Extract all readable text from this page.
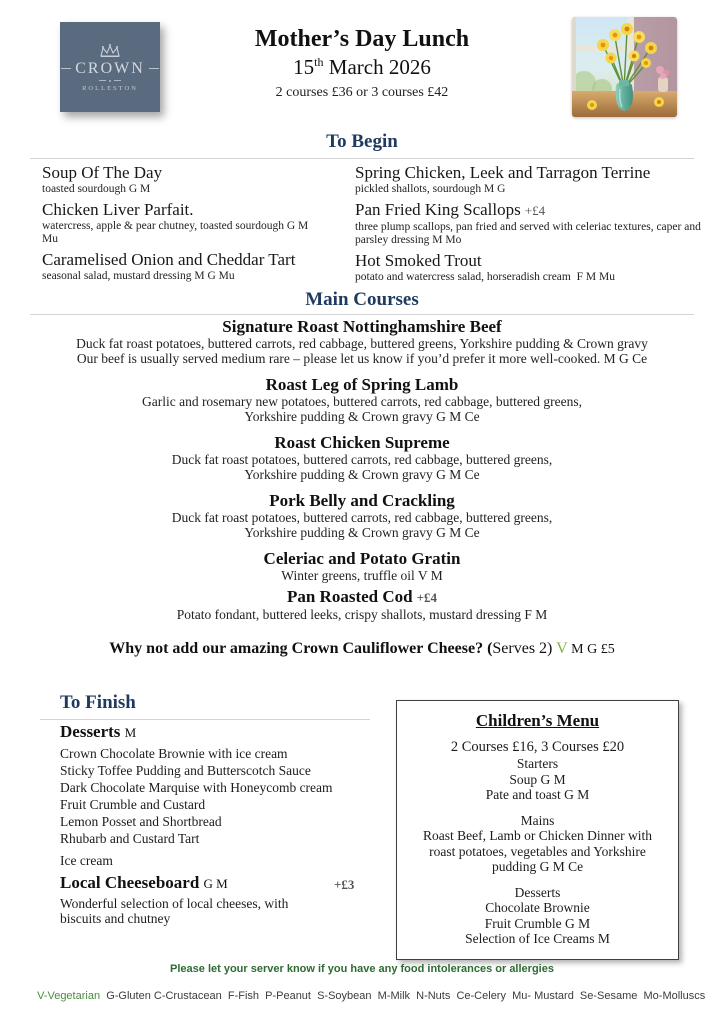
CROWN
ROLLESTON
Mother’s Day Lunch
15th March 2026
2 courses £36 or 3 courses £42
To Begin
Soup Of The Day
toasted sourdough G M
Chicken Liver Parfait.
watercress, apple & pear chutney, toasted sourdough G M Mu
Caramelised Onion and Cheddar Tart
seasonal salad, mustard dressing M G Mu
Spring Chicken, Leek and Tarragon Terrine
pickled shallots, sourdough M G
Pan Fried King Scallops +£4
three plump scallops, pan fried and served with celeriac textures, caper and parsley dressing M Mo
Hot Smoked Trout
potato and watercress salad, horseradish cream  F M Mu
Main Courses
Signature Roast Nottinghamshire Beef
Duck fat roast potatoes, buttered carrots, red cabbage, buttered greens, Yorkshire pudding & Crown gravy
Our beef is usually served medium rare – please let us know if you’d prefer it more well-cooked. M G Ce
Roast Leg of Spring Lamb
Garlic and rosemary new potatoes, buttered carrots, red cabbage, buttered greens,
Yorkshire pudding & Crown gravy G M Ce
Roast Chicken Supreme
Duck fat roast potatoes, buttered carrots, red cabbage, buttered greens,
Yorkshire pudding & Crown gravy G M Ce
Pork Belly and Crackling
Duck fat roast potatoes, buttered carrots, red cabbage, buttered greens,
Yorkshire pudding & Crown gravy G M Ce
Celeriac and Potato Gratin
Winter greens, truffle oil V M
Pan Roasted Cod +£4
Potato fondant, buttered leeks, crispy shallots, mustard dressing F M
Why not add our amazing Crown Cauliflower Cheese? (Serves 2) V M G £5
To Finish
Desserts M
Crown Chocolate Brownie with ice cream
Sticky Toffee Pudding and Butterscotch Sauce
Dark Chocolate Marquise with Honeycomb cream
Fruit Crumble and Custard
Lemon Posset and Shortbread
Rhubarb and Custard Tart
Ice cream
Local Cheeseboard G M	+£3
Wonderful selection of local cheeses, with biscuits and chutney
Children’s Menu
2 Courses £16, 3 Courses £20
Starters
Soup G M
Pate and toast G M
Mains
Roast Beef, Lamb or Chicken Dinner with roast potatoes, vegetables and Yorkshire pudding G M Ce
Desserts
Chocolate Brownie
Fruit Crumble G M
Selection of Ice Creams M
Please let your server know if you have any food intolerances or allergies

V-Vegetarian  G-Gluten C-Crustacean  F-Fish  P-Peanut  S-Soybean  M-Milk  N-Nuts  Ce-Celery  Mu- Mustard  Se-Sesame  Mo-Molluscs
